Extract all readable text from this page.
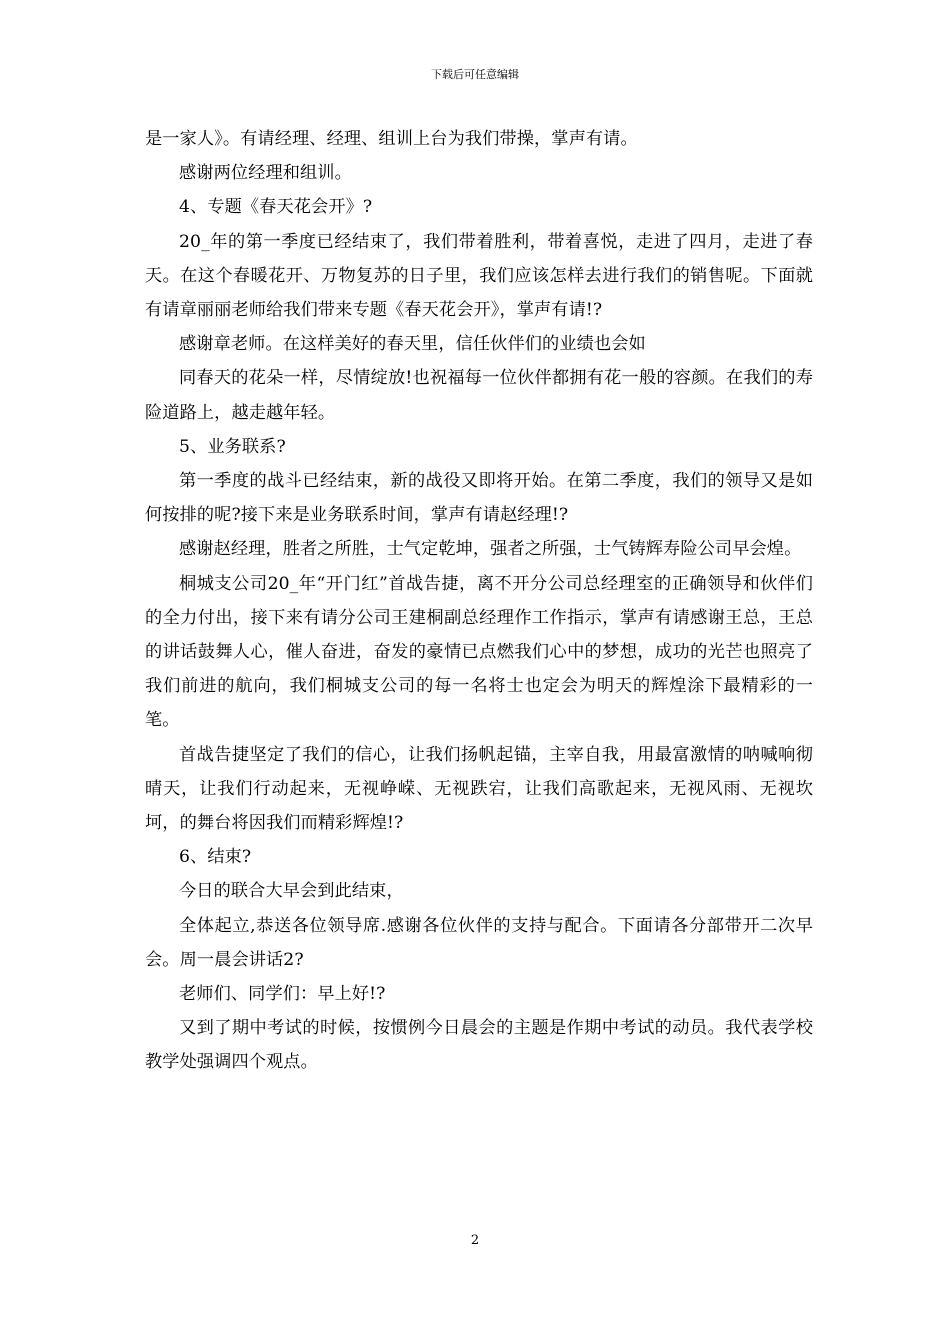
下载后可任意编辑

是一家人》。有请经理、经理、组训上台为我们带操，掌声有请。

感谢两位经理和组训。

4、专题《春天花会开》?

20_年的第一季度已经结束了，我们带着胜利，带着喜悦，走进了四月，走进了春天。在这个春暖花开、万物复苏的日子里，我们应该怎样去进行我们的销售呢。下面就有请章丽丽老师给我们带来专题《春天花会开》，掌声有请!?

感谢章老师。在这样美好的春天里，信任伙伴们的业绩也会如

同春天的花朵一样，尽情绽放!也祝福每一位伙伴都拥有花一般的容颜。在我们的寿险道路上，越走越年轻。

5、业务联系?

第一季度的战斗已经结束，新的战役又即将开始。在第二季度，我们的领导又是如何按排的呢?接下来是业务联系时间，掌声有请赵经理!?

感谢赵经理，胜者之所胜，士气定乾坤，强者之所强，士气铸辉寿险公司早会煌。

桐城支公司20_年“开门红”首战告捷，离不开分公司总经理室的正确领导和伙伴们的全力付出，接下来有请分公司王建桐副总经理作工作指示，掌声有请感谢王总，王总的讲话鼓舞人心，催人奋进，奋发的豪情已点燃我们心中的梦想，成功的光芒也照亮了我们前进的航向，我们桐城支公司的每一名将士也定会为明天的辉煌涂下最精彩的一笔。

首战告捷坚定了我们的信心，让我们扬帆起锚，主宰自我，用最富激情的呐喊响彻晴天，让我们行动起来，无视峥嵘、无视跌宕，让我们高歌起来，无视风雨、无视坎坷，的舞台将因我们而精彩辉煌!?

6、结束?

今日的联合大早会到此结束，

全体起立,恭送各位领导席.感谢各位伙伴的支持与配合。下面请各分部带开二次早会。周一晨会讲话2?

老师们、同学们：早上好!?

又到了期中考试的时候，按惯例今日晨会的主题是作期中考试的动员。我代表学校教学处强调四个观点。

2
